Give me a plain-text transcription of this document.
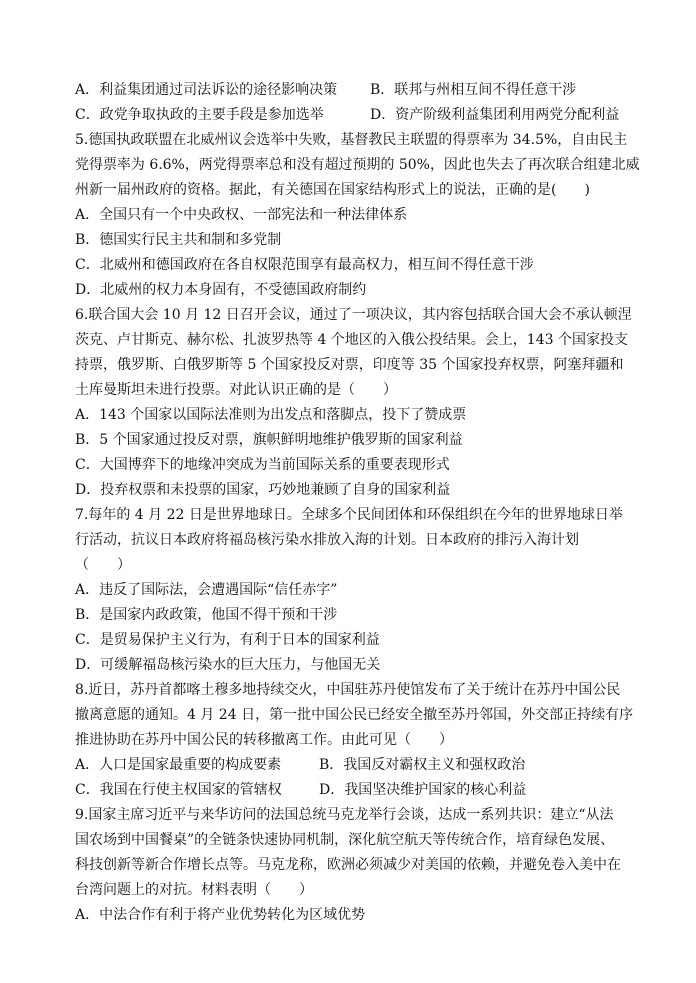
A．利益集团通过司法诉讼的途径影响决策 B．联邦与州相互间不得任意干涉
C．政党争取执政的主要手段是参加选举	D．资产阶级利益集团利用两党分配利益
5.德国执政联盟在北威州议会选举中失败，基督教民主联盟的得票率为 34.5%，自由民主
党得票率为 6.6%，两党得票率总和没有超过预期的 50%，因此也失去了再次联合组建北威
州新一届州政府的资格。据此，有关德国在国家结构形式上的说法，正确的是(　　)
A．全国只有一个中央政权、一部宪法和一种法律体系
B．德国实行民主共和制和多党制
C．北威州和德国政府在各自权限范围享有最高权力，相互间不得任意干涉
D．北威州的权力本身固有，不受德国政府制约
6.联合国大会 10 月 12 日召开会议，通过了一项决议，其内容包括联合国大会不承认顿涅
茨克、卢甘斯克、赫尔松、扎波罗热等 4 个地区的入俄公投结果。会上，143 个国家投支
持票，俄罗斯、白俄罗斯等 5 个国家投反对票，印度等 35 个国家投弃权票，阿塞拜疆和
土库曼斯坦未进行投票。对此认识正确的是（　　）
A．143 个国家以国际法准则为出发点和落脚点，投下了赞成票
B．5 个国家通过投反对票，旗帜鲜明地维护俄罗斯的国家利益
C．大国博弈下的地缘冲突成为当前国际关系的重要表现形式
D．投弃权票和未投票的国家，巧妙地兼顾了自身的国家利益
7.每年的 4 月 22 日是世界地球日。全球多个民间团体和环保组织在今年的世界地球日举
行活动，抗议日本政府将福岛核污染水排放入海的计划。日本政府的排污入海计划
（　　）
A．违反了国际法，会遭遇国际“信任赤字”
B．是国家内政政策，他国不得干预和干涉
C．是贸易保护主义行为，有利于日本的国家利益
D．可缓解福岛核污染水的巨大压力，与他国无关
8.近日，苏丹首都喀土穆多地持续交火，中国驻苏丹使馆发布了关于统计在苏丹中国公民
撤离意愿的通知。4 月 24 日，第一批中国公民已经安全撤至苏丹邻国，外交部正持续有序
推进协助在苏丹中国公民的转移撤离工作。由此可见（　　）
A．人口是国家最重要的构成要素	B．我国反对霸权主义和强权政治
C．我国在行使主权国家的管辖权	D．我国坚决维护国家的核心利益
9.国家主席习近平与来华访问的法国总统马克龙举行会谈，达成一系列共识：建立“从法
国农场到中国餐桌”的全链条快速协同机制，深化航空航天等传统合作，培育绿色发展、
科技创新等新合作增长点等。马克龙称，欧洲必须减少对美国的依赖，并避免卷入美中在
台湾问题上的对抗。材料表明（　　）
A．中法合作有利于将产业优势转化为区域优势
